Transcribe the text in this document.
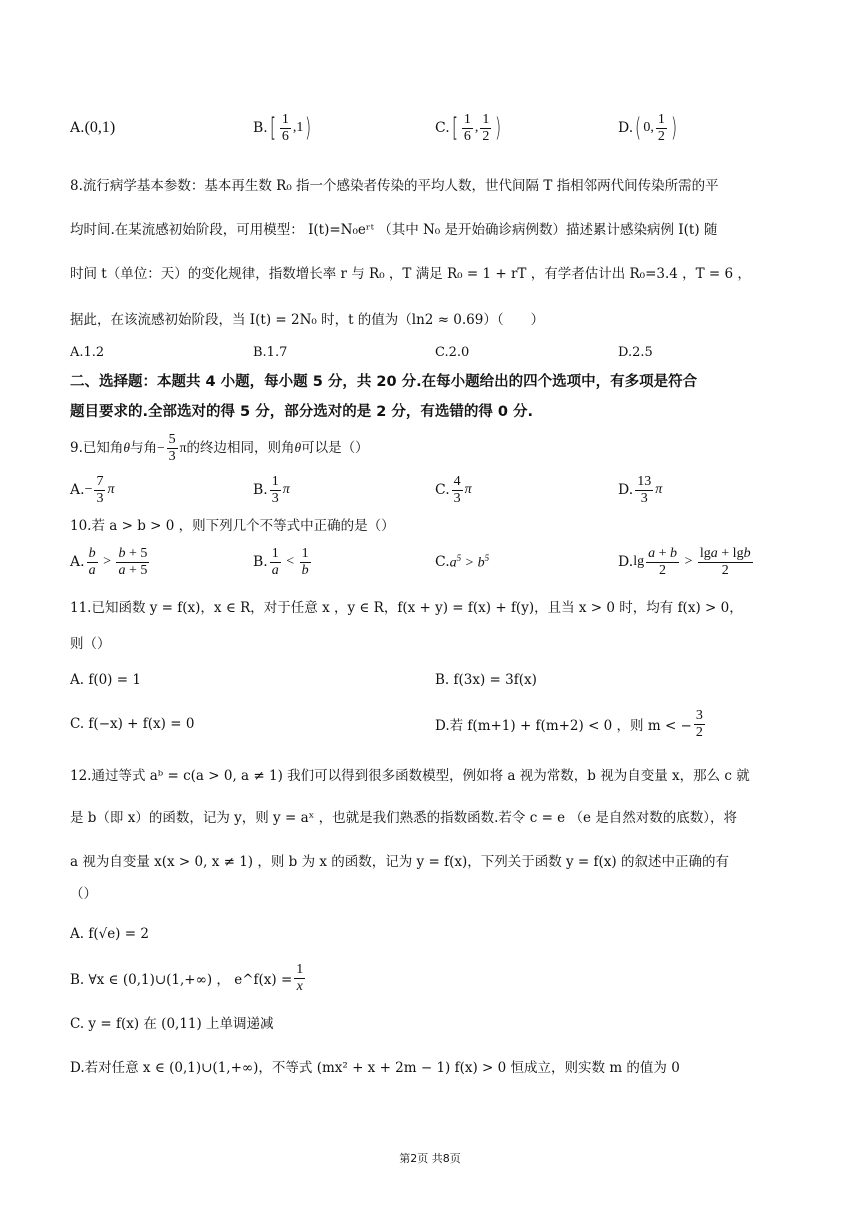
A. (0,1)	B. [ $\frac{1}{6} ,1$ )	C. [ $\frac{1}{6}$ , $\frac{1}{2}$ )	D. ( 0, $\frac{1}{2}$ )
8.流行病学基本参数：基本再生数 R₀ 指一个感染者传染的平均人数，世代间隔 T 指相邻两代间传染所需的平
均时间.在某流感初始阶段，可用模型： I(t)=N₀eʳᵗ （其中 N₀ 是开始确诊病例数）描述累计感染病例 I(t) 随
时间 t（单位：天）的变化规律，指数增长率 r 与 R₀ ，T 满足 R₀ = 1 + rT ，有学者估计出 R₀=3.4 ，T = 6 ，
据此，在该流感初始阶段，当 I(t) = 2N₀ 时，t 的值为（ln2 ≈ 0.69）（　　）
A.1.2	B.1.7	C.2.0	D.2.5
二、选择题：本题共 4 小题，每小题 5 分，共 20 分.在每小题给出的四个选项中，有多项是符合
题目要求的.全部选对的得 5 分，部分选对的是 2 分，有选错的得 0 分.
9.已知角 θ 与角 − $\frac{5}{3}$ π 的终边相同，则角 θ 可以是（）
A. − $\frac{7}{3}$ π	B. $\frac{1}{3}$ π	C. $\frac{4}{3}$ π	D. $\frac{13}{3}$ π
10.若 a > b > 0 ，则下列几个不等式中正确的是（）
A. $\frac{b}{a} > \frac{b + 5}{a + 5}$	B. $\frac{1}{a} < \frac{1}{b}$	C. $a^5 > b^5$	D. $\lg \frac{a + b}{2} > \frac{\lg a + \lg b}{2}$
11.已知函数 y = f(x)，x ∈ R，对于任意 x ，y ∈ R，f(x + y) = f(x) + f(y)，且当 x > 0 时，均有 f(x) > 0，
则（）
A. f(0) = 1	B. f(3x) = 3f(x)
C. f(−x) + f(x) = 0	D.若 f(m+1) + f(m+2) < 0 ，则 m < − $\frac{3}{2}$
12.通过等式 aᵇ = c(a > 0, a ≠ 1) 我们可以得到很多函数模型，例如将 a 视为常数，b 视为自变量 x，那么 c 就
是 b（即 x）的函数，记为 y，则 y = aˣ ，也就是我们熟悉的指数函数.若令 c = e （e 是自然对数的底数），将
a 视为自变量 x(x > 0, x ≠ 1) ，则 b 为 x 的函数，记为 y = f(x)，下列关于函数 y = f(x) 的叙述中正确的有
（）
A. f(√e) = 2
B. ∀x ∈ (0,1)∪(1,+∞) ， e^f(x) = $\frac{1}{x}$
C. y = f(x) 在 (0,11) 上单调递减
D.若对任意 x ∈ (0,1)∪(1,+∞)，不等式 (mx² + x + 2m − 1) f(x) > 0 恒成立，则实数 m 的值为 0
第2页 共8页
